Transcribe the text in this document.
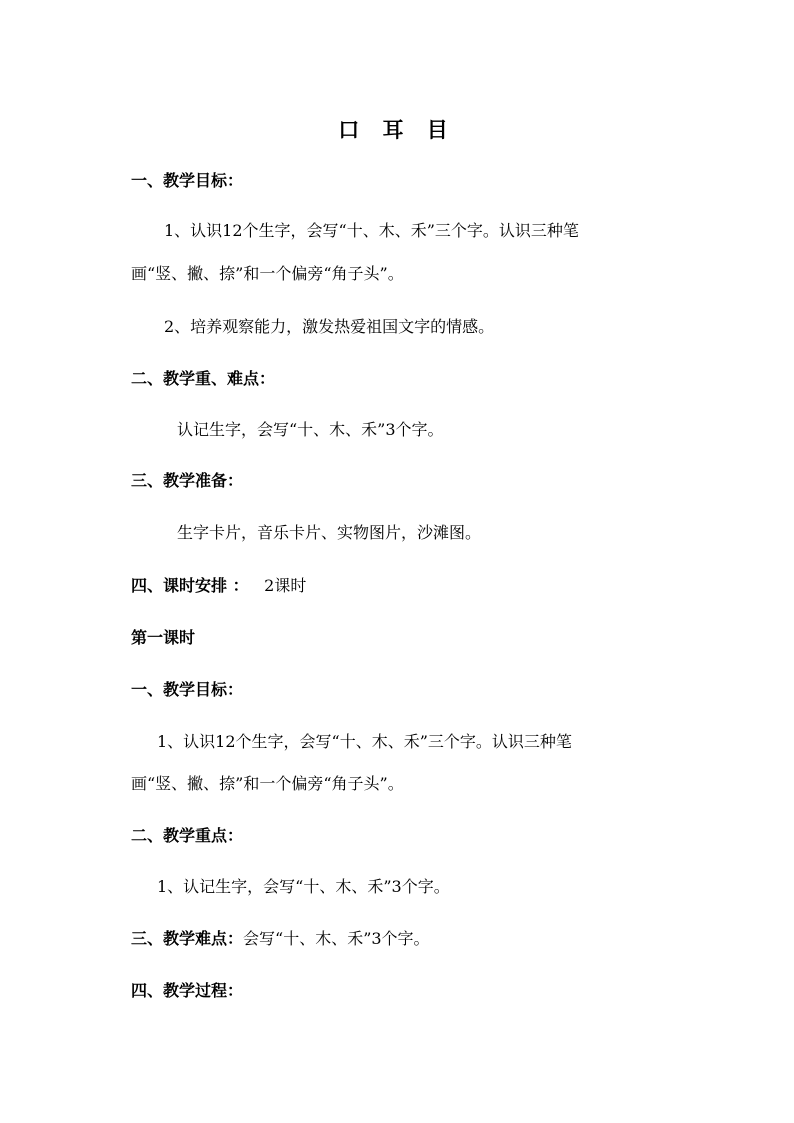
口 耳 目
一、教学目标：
1、认识12个生字，会写“十、木、禾”三个字。认识三种笔
画“竖、撇、捺”和一个偏旁“角子头”。
2、培养观察能力，激发热爱祖国文字的情感。
二、教学重、难点：
认记生字，会写“十、木、禾”3个字。
三、教学准备：
生字卡片，音乐卡片、实物图片，沙滩图。
四、课时安排 ： 2课时
第一课时
一、教学目标：
1、认识12个生字，会写“十、木、禾”三个字。认识三种笔
画“竖、撇、捺”和一个偏旁“角子头”。
二、教学重点：
1、认记生字，会写“十、木、禾”3个字。
三、教学难点：会写“十、木、禾”3个字。
四、教学过程：
